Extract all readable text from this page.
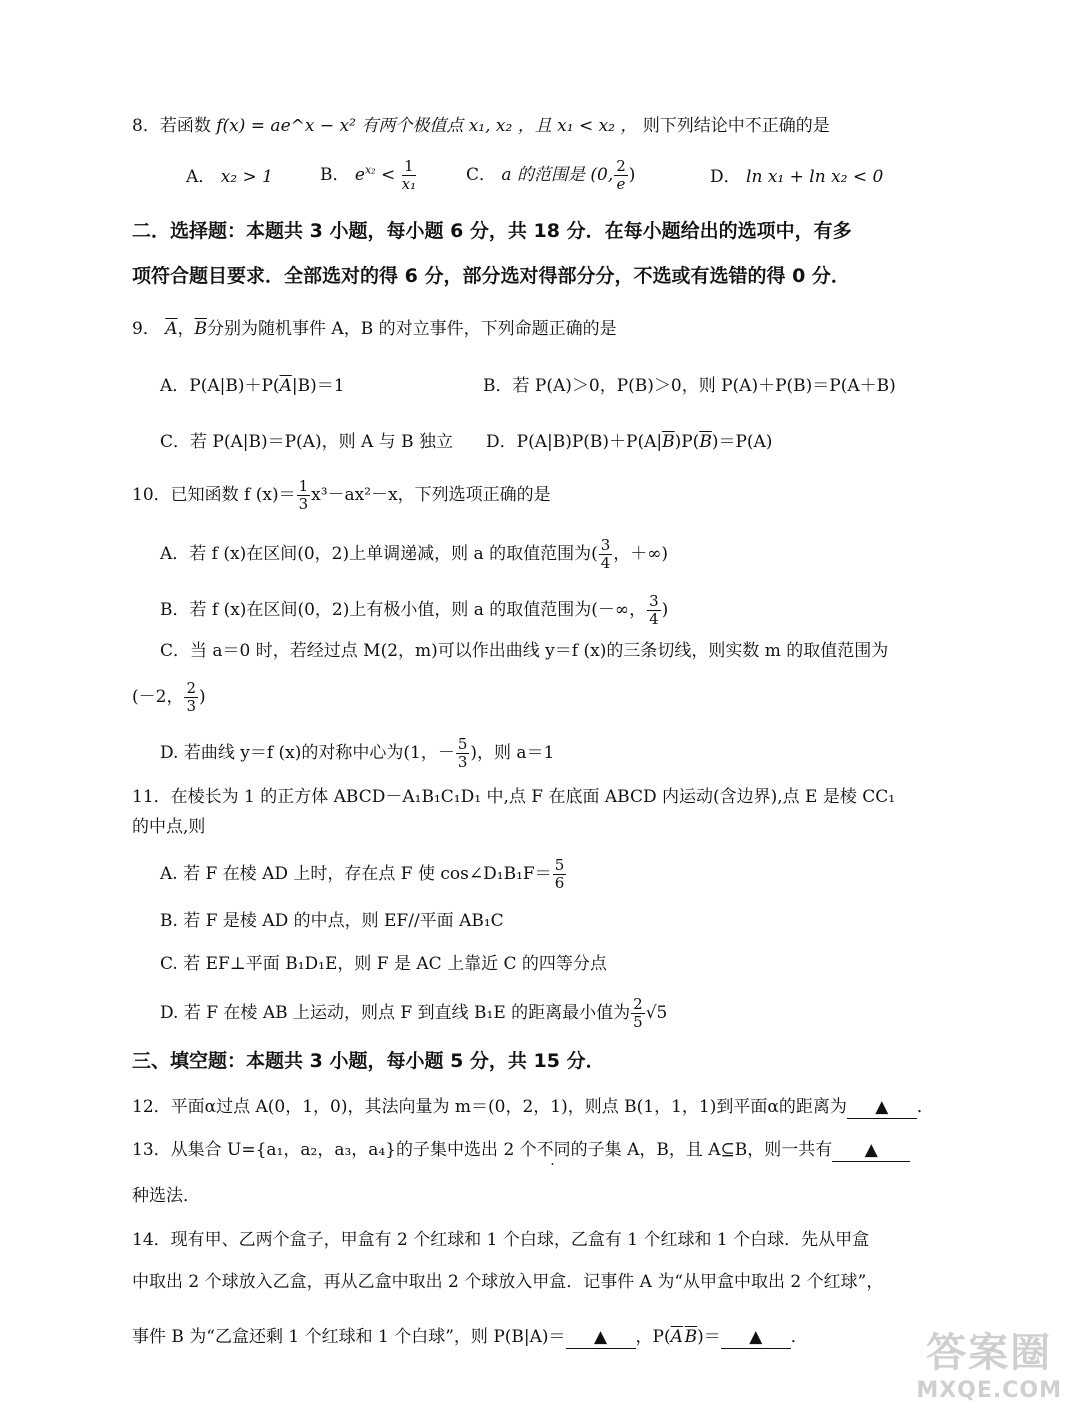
8．若函数 f(x) = ae^x − x² 有两个极值点 x₁, x₂ ，且 x₁ < x₂ ， 则下列结论中不正确的是
A． x₂ > 1	B． $e^{x_2} < \frac{1}{\text{x₁}}$	C． a 的范围是 (0, $\frac{2}{e}$ )	D． ln x₁ + ln x₂ < 0
二．选择题：本题共 3 小题，每小题 6 分，共 18 分．在每小题给出的选项中，有多
项符合题目要求．全部选对的得 6 分，部分选对得部分分，不选或有选错的得 0 分．
9． $\overline{A}$，$\overline{B}$分别为随机事件 A，B 的对立事件，下列命题正确的是
A．$P(A|B)+P(\overline{A}|B)=1$	B．若 P(A)＞0，P(B)＞0，则 P(A)＋P(B)＝P(A＋B)
C．若 P(A|B)＝P(A)，则 A 与 B 独立 D．$P(A|B)P(B)+P(A|\overline{B})P(\overline{B})=P(A)$
10．已知函数 f $(x)= \frac{1}{3} x^3-ax^2-x$，下列选项正确的是
A．若 f (x)在区间(0，2)上单调递减，则 a 的取值范围为( $\frac{3}{4}$ ，＋∞)
B．若 f (x)在区间(0，2)上有极小值，则 a 的取值范围为(－∞， $\frac{3}{4}$ )
C．当 a＝0 时，若经过点 M(2，m)可以作出曲线 y＝f (x)的三条切线，则实数 m 的取值范围为
(－2， $\frac{2}{3}$ )
D. 若曲线 y＝f (x)的对称中心为(1，－ $\frac{5}{3}$ )，则 a＝1
11．在棱长为 1 的正方体 ABCD－A₁B₁C₁D₁ 中,点 F 在底面 ABCD 内运动(含边界),点 E 是棱 CC₁
的中点,则
A. 若 F 在棱 AD 上时，存在点 F 使 cos∠D₁B₁F＝ $\frac{5}{6}$
B. 若 F 是棱 AD 的中点，则 EF//平面 AB₁C
C. 若 EF⊥平面 B₁D₁E，则 F 是 AC 上靠近 C 的四等分点
D. 若 F 在棱 AB 上运动，则点 F 到直线 B₁E 的距离最小值为 $\frac{2}{5} √5$
三、填空题：本题共 3 小题，每小题 5 分，共 15 分．
12．平面α过点 A(0，1，0)，其法向量为 m＝(0，2，1)，则点 B(1，1，1)到平面α的距离为 ▲ ．
13．从集合 U={a₁，a₂，a₃，a₄}的子集中选出 2 个不同的子集 A，B，且 A⊆B，则一共有 ▲
种选法．
14．现有甲、乙两个盒子，甲盒有 2 个红球和 1 个白球，乙盒有 1 个红球和 1 个白球．先从甲盒
中取出 2 个球放入乙盒，再从乙盒中取出 2 个球放入甲盒．记事件 A 为“从甲盒中取出 2 个红球”，
事件 B 为“乙盒还剩 1 个红球和 1 个白球”，则 P(B|A)＝ ▲ ，$P(\overline{A}$  $\overline{B})=$ ▲ ．	答案圈
MXQE.COM
